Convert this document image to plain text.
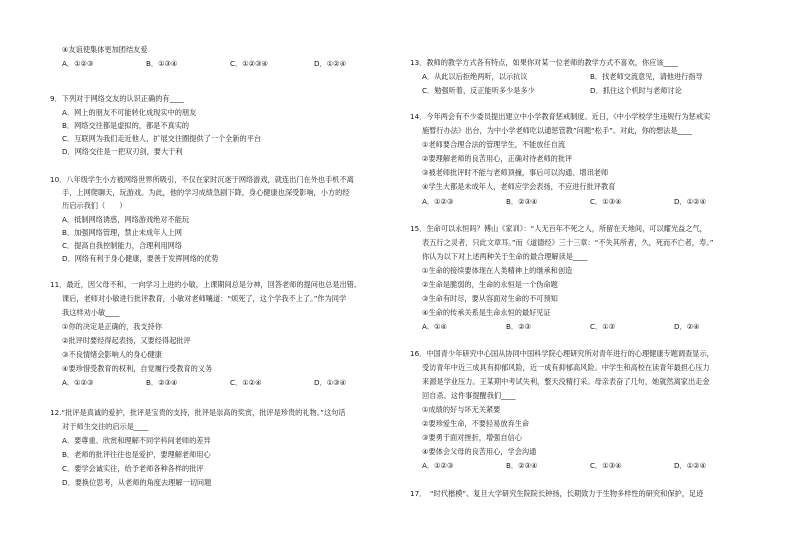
④友谊使集体更加团结友爱
A．①②③	B．①③④	C．①②③④	D．①②④
9．下列对于网络交友的认识正确的有____
A．网上的朋友不可能转化成现实中的朋友
B．网络交往都是虚拟的，都是不真实的
C．互联网为我们走近他人，扩展交往圈提供了一个全新的平台
D．网络交往是一把双刃剑，要大于利
10．八年级学生小方被网络世界所吸引，不仅在家时沉迷于网络游戏，就连出门在外也手机不离
手，上网爬聊天，玩游戏。为此，他的学习成绩急剧下降，身心健康也深受影响，小方的经
历启示我们（　　）
A．抵制网络诱惑，网络游戏绝对不能玩
B．加强网络管理，禁止未成年人上网
C．提高自我控制能力，合理利用网络
D．网络有利于身心健康，要善于发挥网络的优势
11．最近，因父母不和，一向学习上进的小敏，上课期间总是分神，回答老师的提问也总是出错。
课后，老师对小敏进行批评教育，小敏对老师嚷道：“烦死了，这个学我不上了。”作为同学
我这样劝小敏____
①你的决定是正确的，我支持你
②批评时要经得起表扬，又要经得起批评
③不良情绪会影响人的身心健康
④要珍惜受教育的权利，自觉履行受教育的义务
A．①②③	B．②③④	C．①②④	D．①③④
12.“批评是真诚的爱护，批评是宝贵的支持，批评是崇高的奖赏，批评是珍贵的礼物。”这句话
对于师生交往的启示是____
A．要尊重、欣赏和理解不同学科间老师的差异
B．老师的批评往往也是爱护，要理解老师用心
C．要学会诚实往，给予老师各种各样的批评
D．要换位思考，从老师的角度去理解一切问题
13．教师的教学方式各有特点，如果你对某一位老师的教学方式不喜欢，你应该____
A．从此以后拒绝两听，以示抗议	B．找老师交流意见，请他进行指导
C．勉强听着，反正能听多少是多少	D．抓住这个机时与老师讨论
14．今年两会有不少委员提出建立中小学教育惩戒制度。近日，《中小学校学生违规行为惩戒实
施暂行办法》出台，为中小学老师吃以通惩管教”问题“松手”。对此，你的想法是____
①老师要合理合法的管理学生，不能放任自流
②要理解老师的良苦用心，正确对待老师的批评
③被老师批评时不能与老师顶撞，事后可以沟通、增讯老师
④学生大都是未成年人，老师应学会表扬，不应进行批评教育
A．①②③	B．②③④	C．①③④	D．①②④
15．生命可以永恒吗？傅山《家训》：“人无百年不死之人，所留在天地间，可以耀光益之气，
表五行之灵者，只此文章耳。”而《道德经》三十三章：“不失其所者，久，死而不亡者，寿。”
你认为以下对上述两种关于生命的最合理解读是____
①生命的接续要体现在人类精神上的继承和创造
②生命是脆弱的，生命的永恒是一个伪命题
③生命有时尽，要从容面对生命的不可预知
④生命的传承关系是生命永恒的最好见证
A．①④	B．②③	C．①③	D．②④
16．中国青少年研究中心国从协同中国科学院心理研究所对青年进行的心理健康专题调查显示，
受访青年中近三成具有抑郁风险，近一成有抑郁高风险。中学生和高校在读青年最担心压力
来源是学业压力。王某期中考试失利，整天没精打采。母亲表奋了几句，她就然离家出走金
回自杀。这件事提醒我们____
①成绩的好与坏无关紧要
②要珍爱生命，不要轻易放弃生命
③要勇于面对挫折，增强自信心
④要体会父母的良苦用心，学会沟通
A．①②③	B．②③④	C．①③④	D．①②④
17．　“时代楷模”、复旦大学研究生院院长钟扬，长期致力于生物多样性的研究和保护，足迹
